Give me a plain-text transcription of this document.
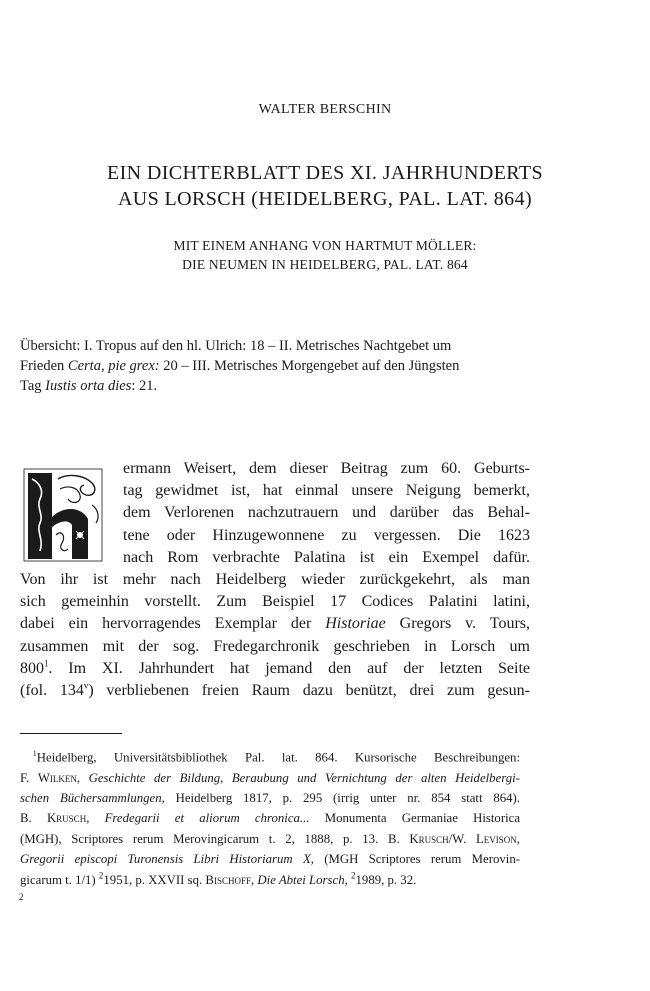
WALTER BERSCHIN
EIN DICHTERBLATT DES XI. JAHRHUNDERTS
AUS LORSCH (HEIDELBERG, PAL. LAT. 864)
MIT EINEM ANHANG VON HARTMUT MÖLLER:
DIE NEUMEN IN HEIDELBERG, PAL. LAT. 864
Übersicht: I. Tropus auf den hl. Ulrich: 18 – II. Metrisches Nachtgebet um
Frieden Certa, pie grex: 20 – III. Metrisches Morgengebet auf den Jüngsten
Tag Iustis orta dies: 21.
ermann Weisert, dem dieser Beitrag zum 60. Geburts-
tag gewidmet ist, hat einmal unsere Neigung bemerkt,
dem Verlorenen nachzutrauern und darüber das Behal-
tene oder Hinzugewonnene zu vergessen. Die 1623
nach Rom verbrachte Palatina ist ein Exempel dafür.
Von ihr ist mehr nach Heidelberg wieder zurückgekehrt, als man
sich gemeinhin vorstellt. Zum Beispiel 17 Codices Palatini latini,
dabei ein hervorragendes Exemplar der Historiae Gregors v. Tours,
zusammen mit der sog. Fredegarchronik geschrieben in Lorsch um
$800^1$. Im XI. Jahrhundert hat jemand den auf der letzten Seite
(fol. 134$^v$) verbliebenen freien Raum dazu benützt, drei zum gesun-
 $^1$Heidelberg, Universitätsbibliothek Pal. lat. 864. Kursorische Beschreibungen:
F. Wilken, Geschichte der Bildung, Beraubung und Vernichtung der alten Heidelbergi-
schen Büchersammlungen, Heidelberg 1817, p. 295 (irrig unter nr. 854 statt 864).
B. Krusch, Fredegarii et aliorum chronica... Monumenta Germaniae Historica
(MGH), Scriptores rerum Merovingicarum t. 2, 1888, p. 13. B. Krusch/W. Levison,
Gregorii episcopi Turonensis Libri Historiarum X, (MGH Scriptores rerum Merovin-
gicarum t. 1/1) $^2$1951, p. XXVII sq. Bischoff, Die Abtei Lorsch, $^2$1989, p. 32.
2
